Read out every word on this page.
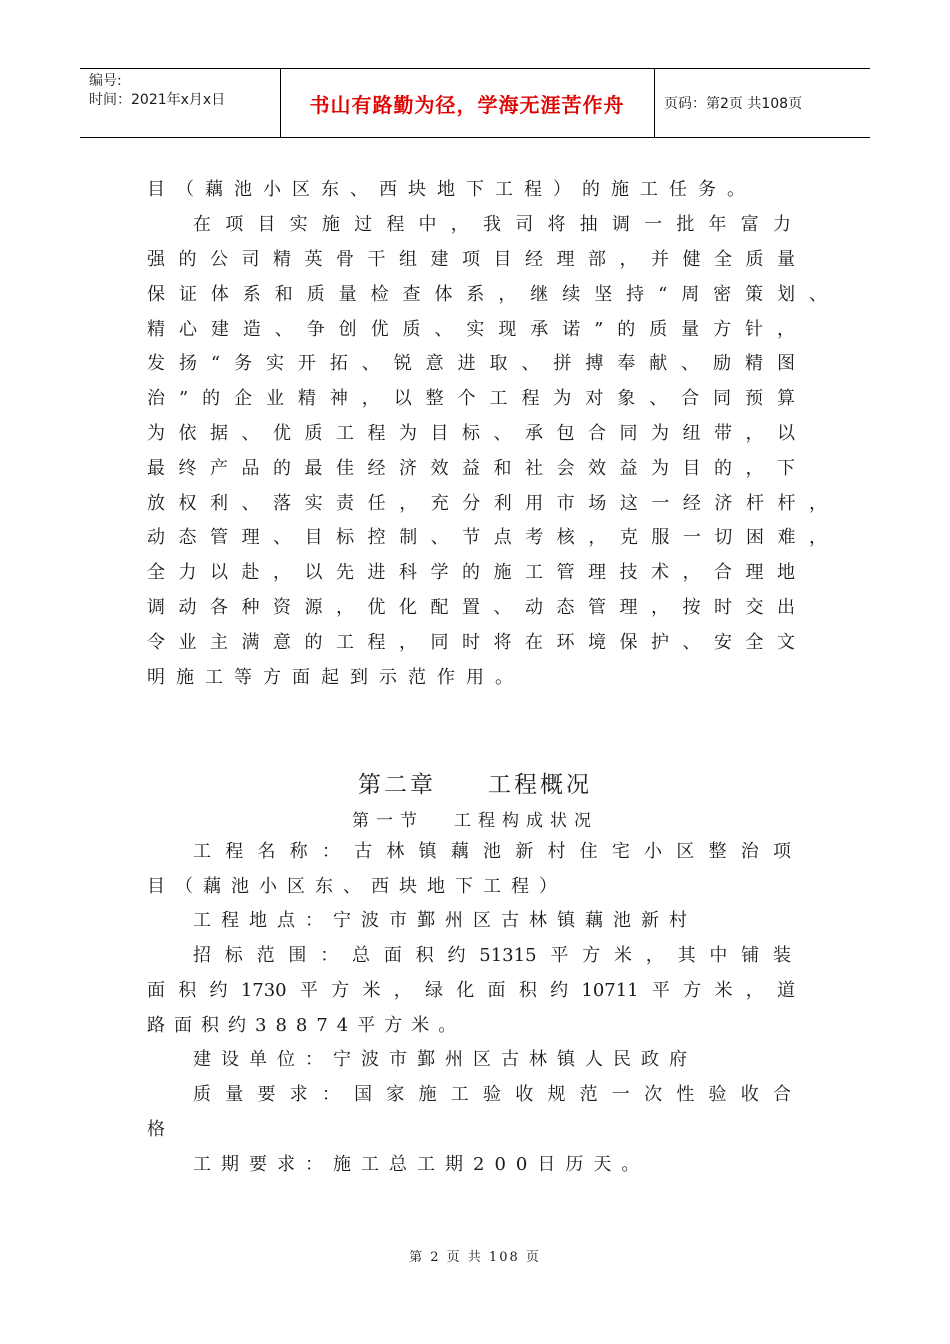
编号:
时间：2021年x月x日	书山有路勤为径，学海无涯苦作舟	页码：第2页 共108页
目（藕池小区东、西块地下工程）的施工任务。
在项目实施过程中，我司将抽调一批年富力
强的公司精英骨干组建项目经理部，并健全质量
保证体系和质量检查体系，继续坚持“周密策划、
精心建造、争创优质、实现承诺”的质量方针，
发扬“务实开拓、锐意进取、拼搏奉献、励精图
治”的企业精神，以整个工程为对象、合同预算
为依据、优质工程为目标、承包合同为纽带，以
最终产品的最佳经济效益和社会效益为目的，下
放权利、落实责任，充分利用市场这一经济杆杆，
动态管理、目标控制、节点考核，克服一切困难，
全力以赴，以先进科学的施工管理技术，合理地
调动各种资源，优化配置、动态管理，按时交出
令业主满意的工程，同时将在环境保护、安全文
明施工等方面起到示范作用。
第二章 工程概况
第一节 工程构成状况
工程名称：古林镇藕池新村住宅小区整治项
目（藕池小区东、西块地下工程）
工程地点：宁波市鄞州区古林镇藕池新村
招标范围：总面积约51315平方米，其中铺装
面积约1730平方米，绿化面积约10711平方米，道
路面积约38874平方米。
建设单位：宁波市鄞州区古林镇人民政府
质量要求：国家施工验收规范一次性验收合
格
工期要求：施工总工期200日历天。
第 2 页 共 108 页
